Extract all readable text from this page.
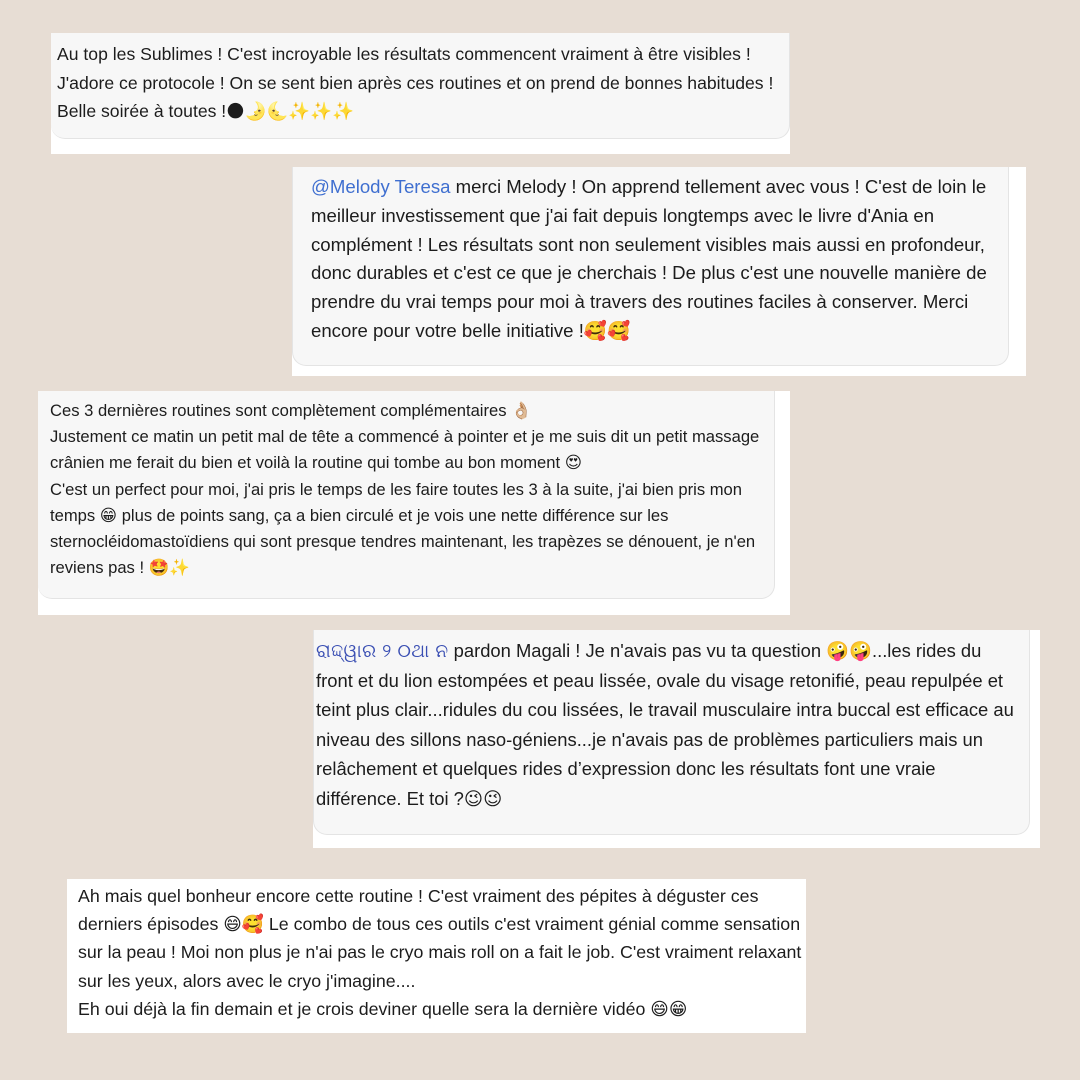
Au top les Sublimes ! C'est incroyable les résultats commencent vraiment à être visibles ! J'adore ce protocole ! On se sent bien après ces routines et on prend de bonnes habitudes ! Belle soirée à toutes !🌑🌛🌜✨✨✨
@Melody Teresa merci Melody ! On apprend tellement avec vous ! C'est de loin le meilleur investissement que j'ai fait depuis longtemps avec le livre d'Ania en complément ! Les résultats sont non seulement visibles mais aussi en profondeur, donc durables et c'est ce que je cherchais ! De plus c'est une nouvelle manière de prendre du vrai temps pour moi à travers des routines faciles à conserver. Merci encore pour votre belle initiative !🥰🥰
Ces 3 dernières routines sont complètement complémentaires 👌🏼
Justement ce matin un petit mal de tête a commencé à pointer et je me suis dit un petit massage crânien me ferait du bien et voilà la routine qui tombe au bon moment 😍
C'est un perfect pour moi, j'ai pris le temps de les faire toutes les 3 à la suite, j'ai bien pris mon temps 😁 plus de points sang, ça a bien circulé et je vois une nette différence sur les sternocléidomastoïdiens qui sont presque tendres maintenant, les trapèzes se dénouent, je n'en reviens pas ! 🤩✨
ରାଦ୍ଦ୍ୱାର ୨ ୦ଥା ନ pardon Magali ! Je n'avais pas vu ta question 🤪🤪...les rides du front et du lion estompées et peau lissée, ovale du visage retonifié, peau repulpée et teint plus clair...ridules du cou lissées, le travail musculaire intra buccal est efficace au niveau des sillons naso-géniens...je n'avais pas de problèmes particuliers mais un relâchement et quelques rides d’expression donc les résultats font une vraie différence. Et toi ?😉😉
Ah mais quel bonheur encore cette routine ! C'est vraiment des pépites à déguster ces derniers épisodes 😄🥰 Le combo de tous ces outils c'est vraiment génial comme sensation sur la peau ! Moi non plus je n'ai pas le cryo mais roll on a fait le job. C'est vraiment relaxant sur les yeux, alors avec le cryo j'imagine....
Eh oui déjà la fin demain et je crois deviner quelle sera la dernière vidéo 😄😁
